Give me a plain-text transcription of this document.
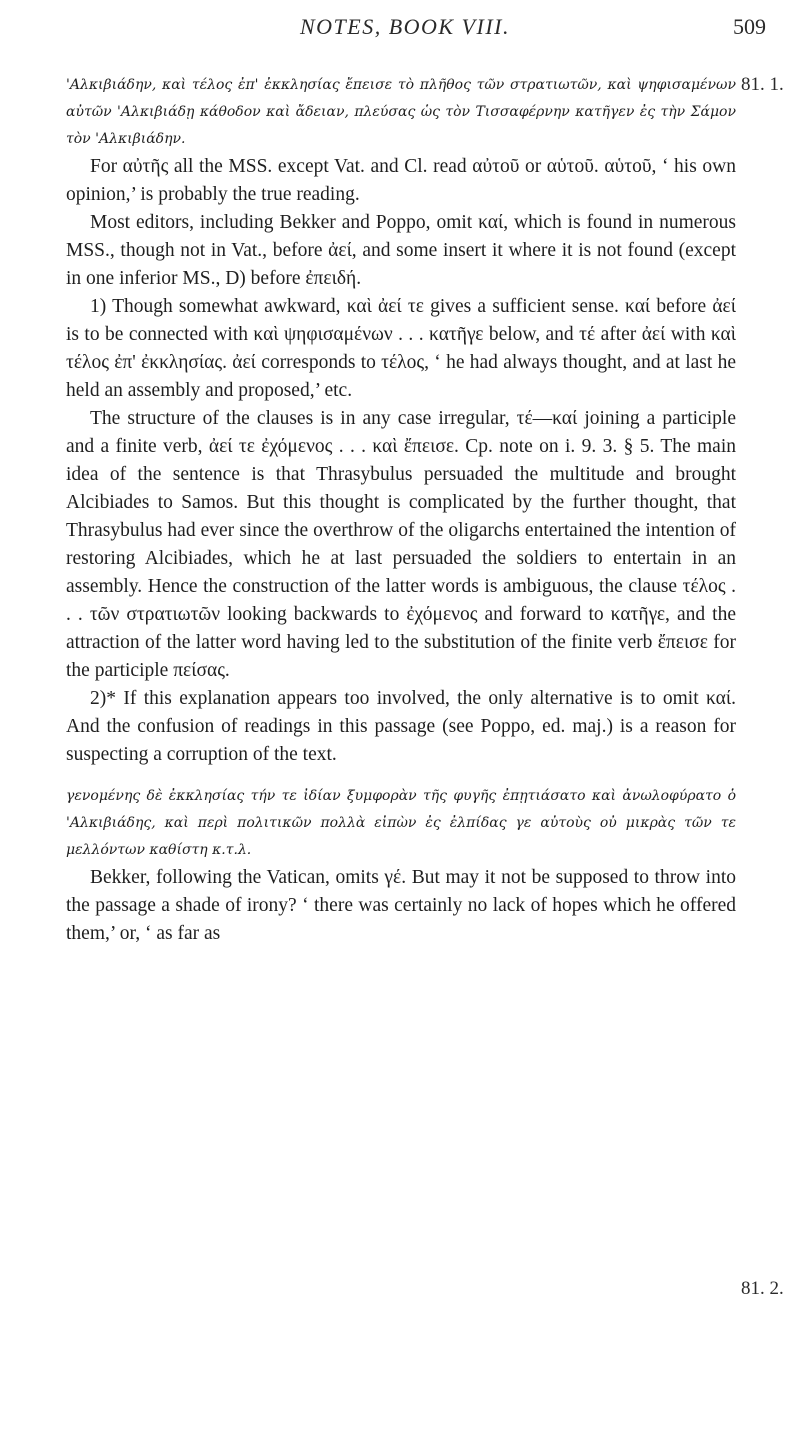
NOTES, BOOK VIII.	509
81. 1.
81. 2.

'Αλκιβιάδην, καὶ τέλος ἐπ' ἐκκλησίας ἔπεισε τὸ πλῆθος τῶν στρατιωτῶν, καὶ ψηφισαμένων αὐτῶν 'Αλκιβιάδῃ κάθοδον καὶ ἄδειαν, πλεύσας ὡς τὸν Τισσαφέρνην κατῆγεν ἐς τὴν Σάμον τὸν 'Αλκιβιάδην.

For αὐτῆς all the MSS. except Vat. and Cl. read αὐτοῦ or αὑτοῦ. αὑτοῦ, ‘ his own opinion,’ is probably the true reading.

Most editors, including Bekker and Poppo, omit καί, which is found in numerous MSS., though not in Vat., before ἀεί, and some insert it where it is not found (except in one inferior MS., D) before ἐπειδή.

1) Though somewhat awkward, καὶ ἀεί τε gives a sufficient sense. καί before ἀεί is to be connected with καὶ ψηφισαμένων . . . κατῆγε below, and τέ after ἀεί with καὶ τέλος ἐπ' ἐκκλησίας. ἀεί corresponds to τέλος, ‘ he had always thought, and at last he held an assembly and proposed,’ etc.

The structure of the clauses is in any case irregular, τέ—καί joining a participle and a finite verb, ἀεί τε ἐχόμενος . . . καὶ ἔπεισε. Cp. note on i. 9. 3. § 5. The main idea of the sentence is that Thrasybulus persuaded the multitude and brought Alcibiades to Samos. But this thought is complicated by the further thought, that Thrasybulus had ever since the overthrow of the oligarchs entertained the intention of restoring Alcibiades, which he at last persuaded the soldiers to entertain in an assembly. Hence the construction of the latter words is ambiguous, the clause τέλος . . . τῶν στρατιωτῶν looking backwards to ἐχόμενος and forward to κατῆγε, and the attraction of the latter word having led to the substitution of the finite verb ἔπεισε for the participle πείσας.

2)* If this explanation appears too involved, the only alternative is to omit καί. And the confusion of readings in this passage (see Poppo, ed. maj.) is a reason for suspecting a corruption of the text.

γενομένης δὲ ἐκκλησίας τήν τε ἰδίαν ξυμφορὰν τῆς φυγῆς ἐπῃτιάσατο καὶ ἀνωλοφύρατο ὁ 'Αλκιβιάδης, καὶ περὶ πολιτικῶν πολλὰ εἰπὼν ἐς ἐλπίδας γε αὐτοὺς οὐ μικρὰς τῶν τε μελλόντων καθίστη κ.τ.λ.

Bekker, following the Vatican, omits γέ. But may it not be supposed to throw into the passage a shade of irony? ‘ there was certainly no lack of hopes which he offered them,’ or, ‘ as far as
